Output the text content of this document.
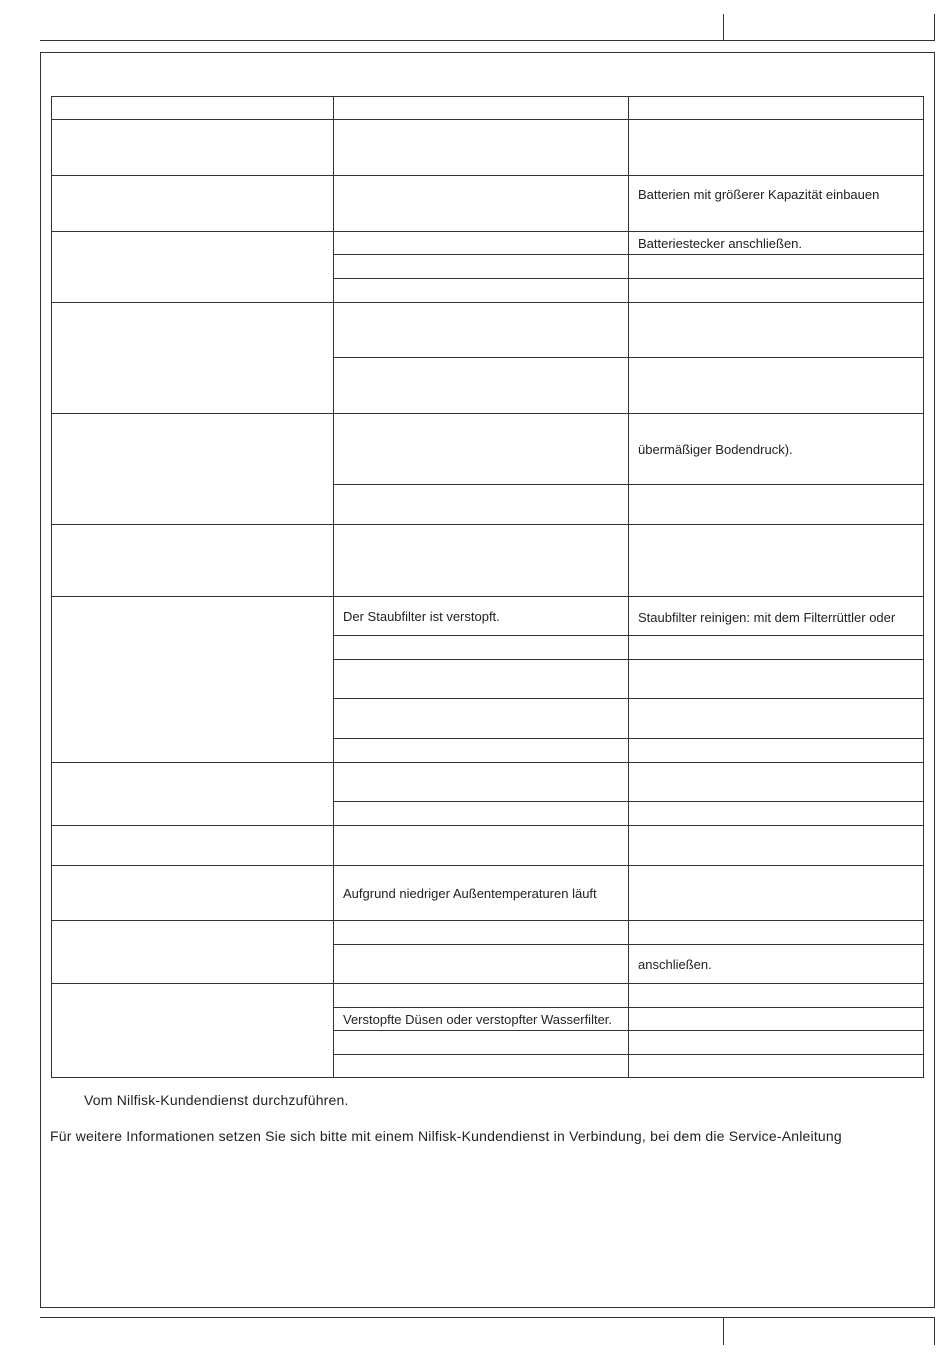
		Batterien mit größerer Kapazität einbauen
		Batteriestecker anschließen.

		übermäßiger Bodendruck).

	Der Staubfilter ist verstopft.	Staubfilter reinigen: mit dem Filterrüttler oder

	Aufgrund niedriger Außentemperaturen läuft	

		anschließen.

	Verstopfte Düsen oder verstopfter Wasserfilter.	

Vom Nilfisk-Kundendienst durchzuführen.
Für weitere Informationen setzen Sie sich bitte mit einem Nilfisk-Kundendienst in Verbindung, bei dem die Service-Anleitung
